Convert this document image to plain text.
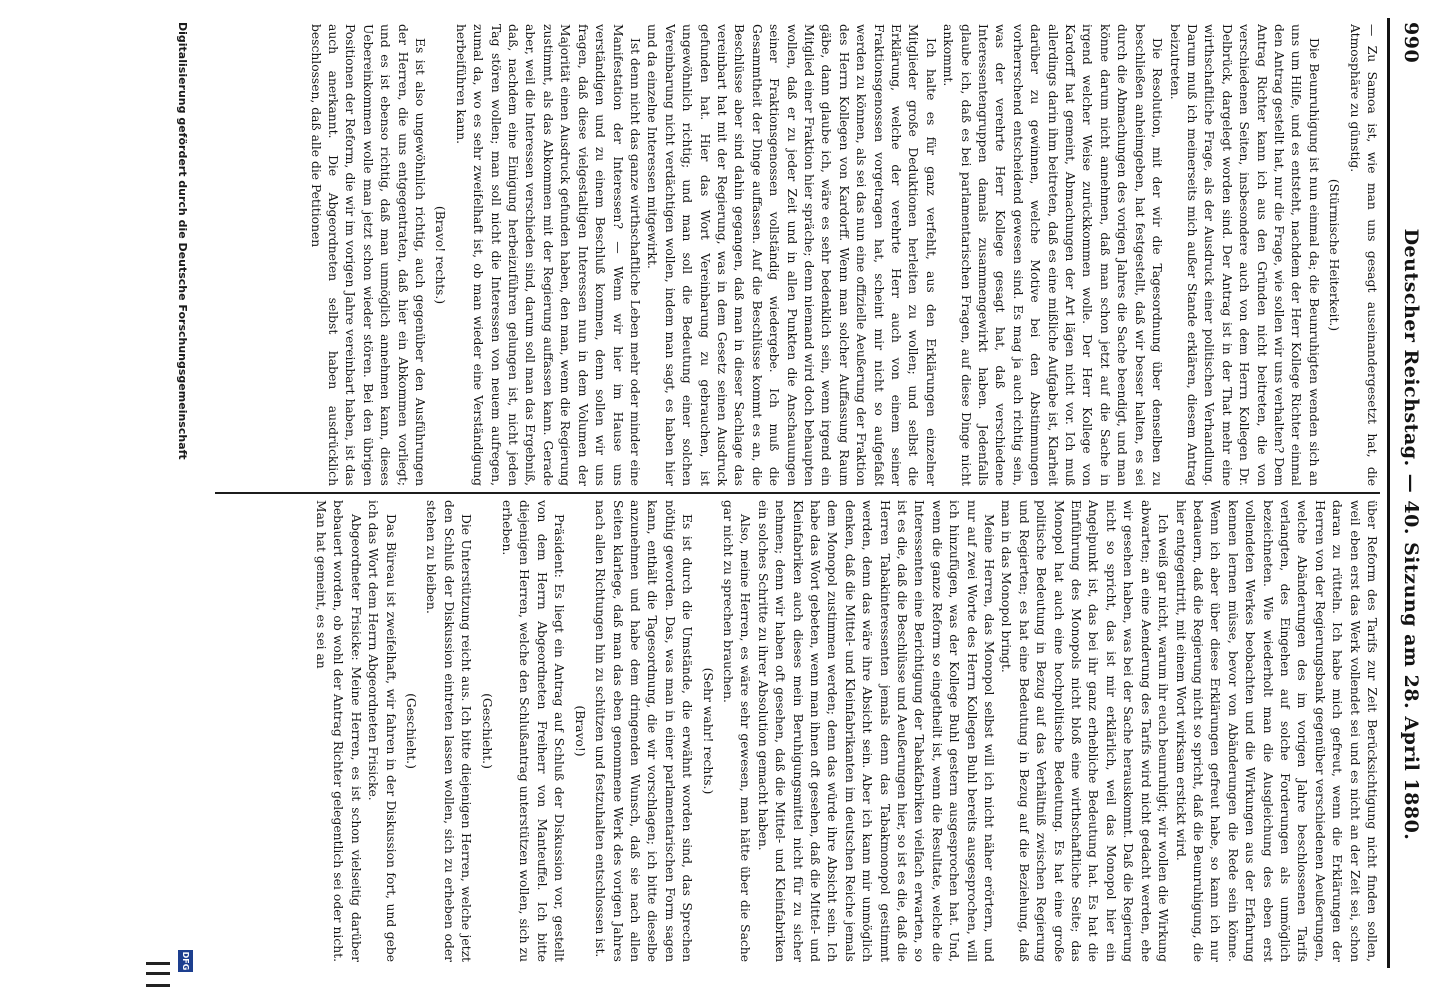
990
Deutscher Reichstag. — 40. Sitzung am 28. April 1880.

— Zu Samoa ist, wie man uns gesagt auseinandergesetzt hat, die Atmosphäre zu günstig.

(Stürmische Heiterkeit.)

Die Beunruhigung ist nun einmal da; die Beunruhigten wenden sich an uns um Hilfe, und es entsteht, nachdem der Herr Kollege Richter einmal den Antrag gestellt hat, nur die Frage, wie sollen wir uns verhalten? Dem Antrag Richter kann ich aus den Gründen nicht beitreten, die von verschiedenen Seiten, insbesondere auch von dem Herrn Kollegen Dr. Delbrück, dargelegt worden sind. Der Antrag ist in der That mehr eine wirthschaftliche Frage, als der Ausdruck einer politischen Verhandlung. Darum muß ich meinerseits mich außer Stande erklären, diesem Antrag beizutreten.

Die Resolution, mit der wir die Tagesordnung über denselben zu beschließen anheimgeben, hat festgestellt, daß wir besser halten, es sei durch die Abmachungen des vorigen Jahres die Sache beendigt, und man könne darum nicht annehmen, daß man schon jetzt auf die Sache in irgend welcher Weise zurückkommen wolle. Der Herr Kollege von Kardorff hat gemeint, Abmachungen der Art lägen nicht vor. Ich muß allerdings darin ihm beitreten, daß es eine mißliche Aufgabe ist, Klarheit darüber zu gewinnen, welche Motive bei den Abstimmungen vorherrschend entscheidend gewesen sind. Es mag ja auch richtig sein, was der verehrte Herr Kollege gesagt hat, daß verschiedene Interessentengruppen damals zusammengewirkt haben. Jedenfalls glaube ich, daß es bei parlamentarischen Fragen, auf diese Dinge nicht ankommt.

Ich halte es für ganz verfehlt, aus den Erklärungen einzelner Mitglieder große Deduktionen herleiten zu wollen; und selbst die Erklärung, welche der verehrte Herr auch von einem seiner Fraktionsgenossen vorgetragen hat, scheint mir nicht so aufgefaßt werden zu können, als sei das nun eine offizielle Aeußerung der Fraktion des Herrn Kollegen von Kardorff. Wenn man solcher Auffassung Raum gäbe, dann glaube ich, wäre es sehr bedenklich sein, wenn irgend ein Mitglied einer Fraktion hier spräche; denn niemand wird doch behaupten wollen, daß er zu jeder Zeit und in allen Punkten die Anschauungen seiner Fraktionsgenossen vollständig wiedergebe. Ich muß die Gesammtheit der Dinge auffassen. Auf die Beschlüsse kommt es an, die Beschlüsse aber sind dahin gegangen, daß man in dieser Sachlage das vereinbart hat mit der Regierung, was in dem Gesetz seinen Ausdruck gefunden hat. Hier das Wort Vereinbarung zu gebrauchen, ist ungewöhnlich richtig; und man soll die Bedeutung einer solchen Vereinbarung nicht verdächtigen wollen, indem man sagt, es haben hier und da einzelne Interessen mitgewirkt.

Ist denn nicht das ganze wirthschaftliche Leben mehr oder minder eine Manifestation der Interessen? — Wenn wir hier im Hause uns verständigen und zu einem Beschluß kommen, denn sollen wir uns fragen, daß diese vielgestaltigen Interessen nun in dem Volumen der Majorität einen Ausdruck gefunden haben, den man, wenn die Regierung zustimmt, als das Abkommen mit der Regierung auffassen kann. Gerade aber, weil die Interessen verschieden sind, darum soll man das Ergebniß, daß, nachdem eine Einigung herbeizuführen gelungen ist, nicht jeden Tag stören wollen; man soll nicht die Interessen von neuem aufregen, zumal da, wo es sehr zweifelhaft ist, ob man wieder eine Verständigung herbeiführen kann.

(Bravo! rechts.)

Es ist also ungewöhnlich richtig, auch gegenüber den Ausführungen der Herren, die uns entgegentraten, daß hier ein Abkommen vorliegt; und es ist ebenso richtig, daß man unmöglich annehmen kann, dieses Uebereinkommen wolle man jetzt schon wieder stören. Bei den übrigen Positionen der Reform, die wir im vorigen Jahre vereinbart haben, ist das auch anerkannt. Die Abgeordneten selbst haben ausdrücklich beschlossen, daß alle die Petitionen

über Reform des Tarifs zur Zeit Berücksichtigung nicht finden sollen, weil eben erst das Werk vollendet sei und es nicht an der Zeit sei, schon daran zu rütteln. Ich habe mich gefreut, wenn die Erklärungen der Herren von der Regierungsbank gegenüber verschiedenen Aeußerungen, welche Abänderungen des im vorigen Jahre beschlossenen Tarifs verlangten, des Eingehen auf solche Forderungen als unmöglich bezeichneten. Wie wiederholt man die Ausgleichung des eben erst vollendeten Werkes beobachten und die Wirkungen aus der Erfahrung kennen lernen müsse, bevor von Abänderungen die Rede sein könne. Wenn ich aber über diese Erklärungen gefreut habe, so kann ich nur bedauern, daß die Regierung nicht so spricht, daß die Beunruhigung, die hier entgegentritt, mit einem Wort wirksam erstickt wird.

Ich weiß gar nicht, warum ihr euch beunruhigt; wir wollen die Wirkung abwarten; an eine Aenderung des Tarifs wird nicht gedacht werden, ehe wir gesehen haben, was bei der Sache herauskommt. Daß die Regierung nicht so spricht, das ist mir erklärlich, weil das Monopol hier ein Angelpunkt ist, das bei ihr ganz erhebliche Bedeutung hat. Es hat die Einführung des Monopols nicht bloß eine wirthschaftliche Seite; das Monopol hat auch eine hochpolitische Bedeutung. Es hat eine große politische Bedeutung in Bezug auf das Verhältniß zwischen Regierung und Regierten; es hat eine Bedeutung in Bezug auf die Beziehung, daß man in das Monopol bringt.

Meine Herren, das Monopol selbst will ich nicht näher erörtern, und nur auf zwei Worte des Herrn Kollegen Buhl bereits ausgesprochen, will ich hinzufügen, was der Kollege Buhl gestern ausgesprochen hat. Und, wenn die ganze Reform so eingetheilt ist, wenn die Resultate, welche die Interessenten eine Berichtigung der Tabakfabriken vielfach erwarten, so ist es die, daß die Beschlüsse und Aeußerungen hier, so ist es die, daß die Herren Tabakinteressenten jemals denn das Tabakmonopol gestimmt werden, denn das wäre ihre Absicht sein. Aber ich kann mir unmöglich denken, daß die Mittel- und Kleinfabrikanten im deutschen Reiche jemals dem Monopol zustimmen werden; denn das würde ihre Absicht sein. Ich habe das Wort gebeten, wenn man ihnen oft gesehen, daß die Mittel- und Kleinfabriken auch dieses mein Beruhigungsmittel nicht für zu sicher nehmen; denn wir haben oft gesehen, daß die Mittel- und Kleinfabriken ein solches Schritte zu ihrer Absolution gemacht haben.

Also, meine Herren, es wäre sehr gewesen, man hätte über die Sache gar nicht zu sprechen brauchen.

(Sehr wahr! rechts.)

Es ist durch die Umstände, die erwähnt worden sind, das Sprechen nöthig geworden. Das, was man in einer parlamentarischen Form sagen kann, enthält die Tagesordnung, die wir vorschlagen; ich bitte dieselbe anzunehmen und habe dem dringenden Wunsch, daß sie nach allen Seiten klarlege, daß man das eben genommene Werk des vorigen Jahres nach allen Richtungen hin zu schützen und festzuhalten entschlossen ist.

(Bravo!)

Präsident: Es liegt ein Antrag auf Schluß der Diskussion vor, gestellt von dem Herrn Abgeordneten Freiherr von Manteuffel. Ich bitte diejenigen Herren, welche den Schlußantrag unterstützen wollen, sich zu erheben.

(Geschieht.)

Die Unterstützung reicht aus. Ich bitte diejenigen Herren, welche jetzt den Schluß der Diskussion eintreten lassen wollen, sich zu erheben oder stehen zu bleiben.

(Geschieht.)

Das Büreau ist zweifelhaft, wir fahren in der Diskussion fort, und gebe ich das Wort dem Herrn Abgeordneten Frisicke.

Abgeordneter Frisicke: Meine Herren, es ist schon vielseitig darüber bebauert worden, ob wohl der Antrag Richter gelegentlich sei oder nicht. Man hat gemeint, es sei an

Digitalisierung gefördert durch die Deutsche Forschungsgemeinschaft
DFG
